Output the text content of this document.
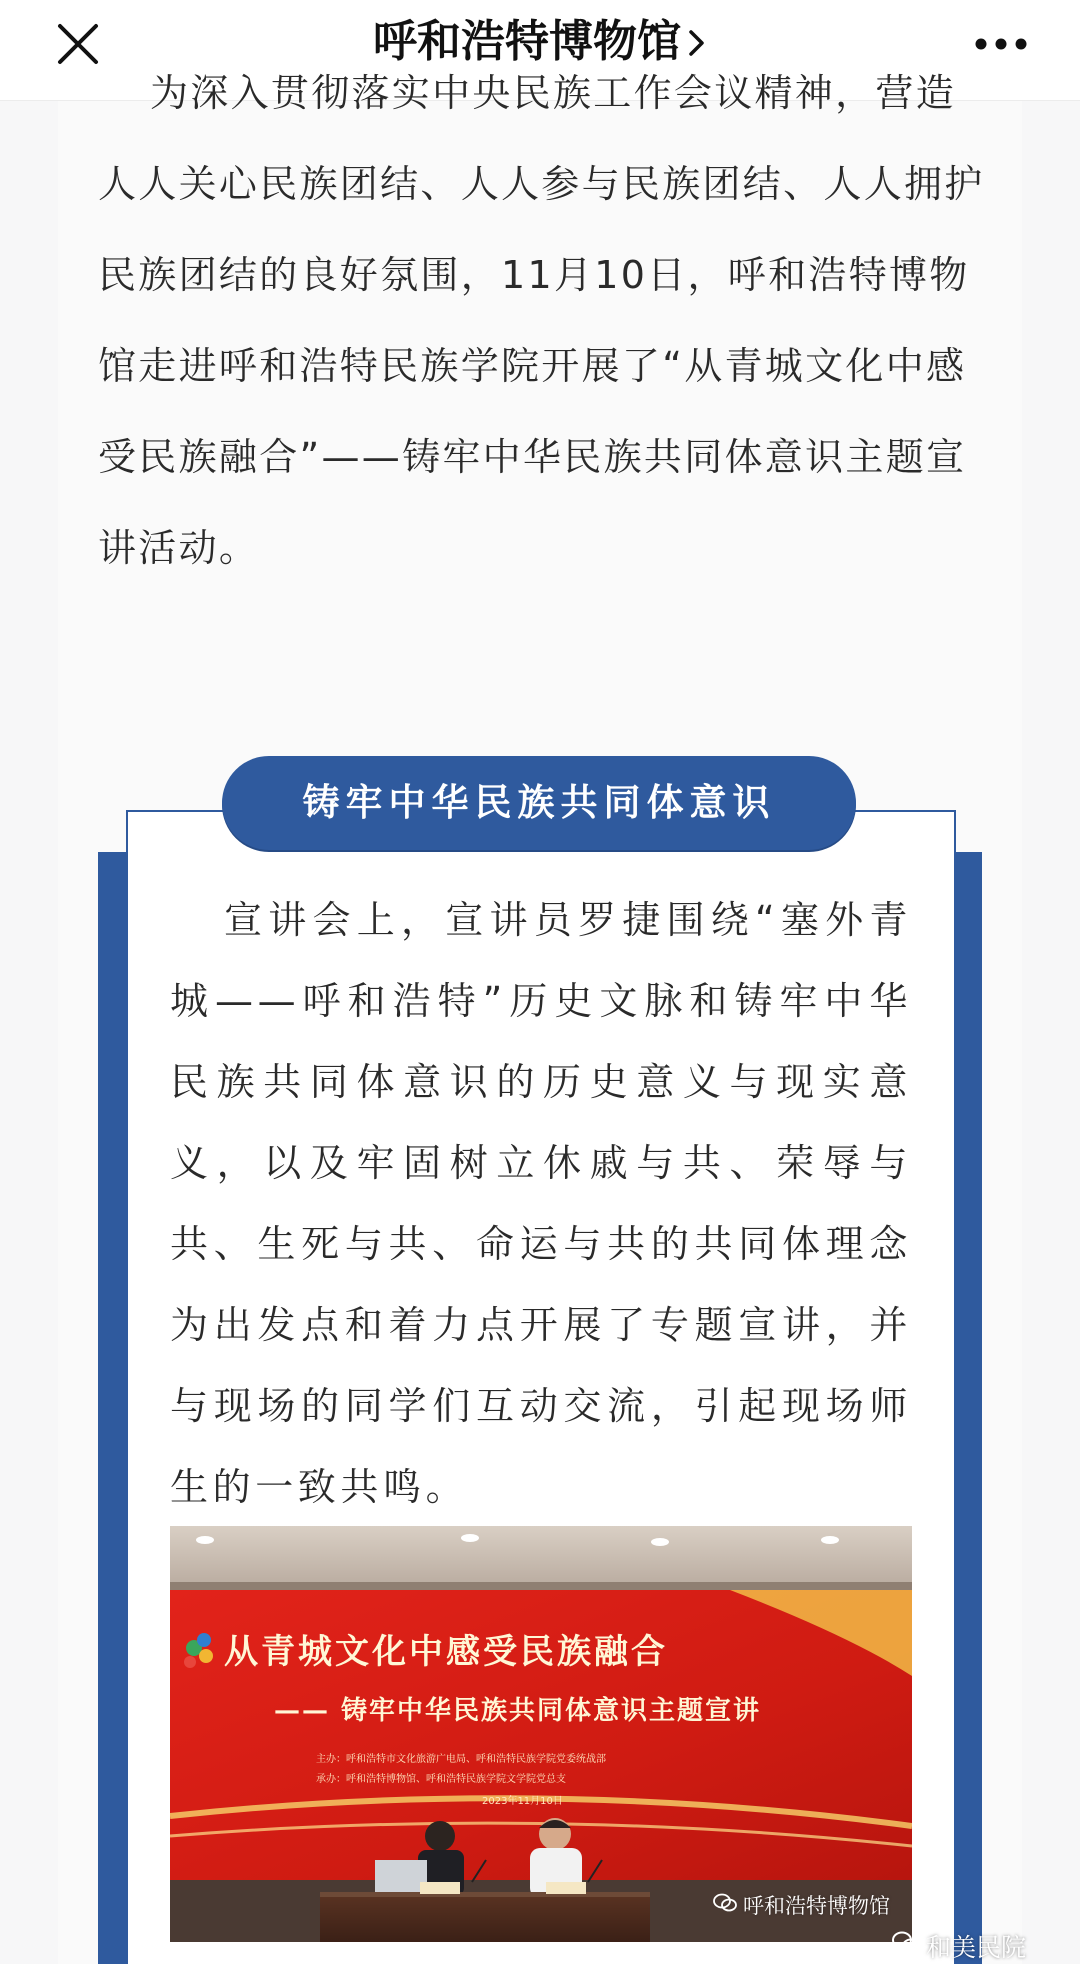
呼和浩特博物馆

为深入贯彻落实中央民族工作会议精神，营造人人关心民族团结、人人参与民族团结、人人拥护民族团结的良好氛围，11月10日，呼和浩特博物馆走进呼和浩特民族学院开展了“从青城文化中感受民族融合”——铸牢中华民族共同体意识主题宣讲活动。

铸牢中华民族共同体意识

宣讲会上，宣讲员罗捷围绕“塞外青城——呼和浩特”历史文脉和铸牢中华民族共同体意识的历史意义与现实意义，以及牢固树立休戚与共、荣辱与共、生死与共、命运与共的共同体理念为出发点和着力点开展了专题宣讲，并与现场的同学们互动交流，引起现场师生的一致共鸣。

从青城文化中感受民族融合
—— 铸牢中华民族共同体意识主题宣讲
主办：呼和浩特市文化旅游广电局、呼和浩特民族学院党委统战部
承办：呼和浩特博物馆、呼和浩特民族学院文学院党总支
2023年11月10日
呼和浩特博物馆
和美民院
